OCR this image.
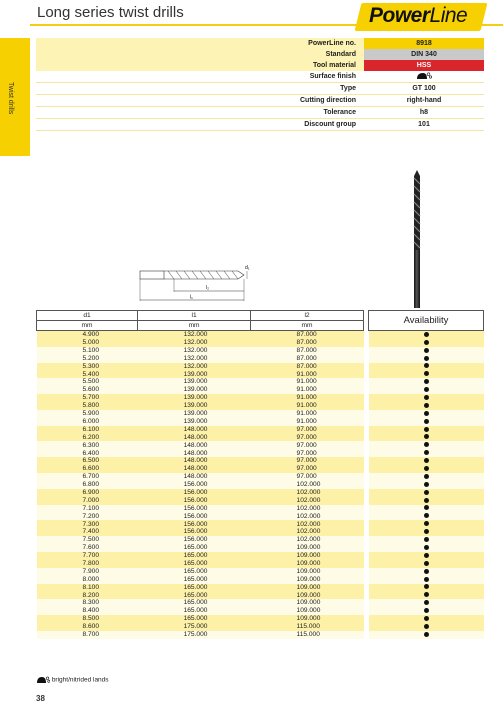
Long series twist drills	PowerLine
Twist drills
PowerLine no.	8918
Standard	DIN 340
Tool material	HSS
Surface finish	
Type	GT 100
Cutting direction	right-hand
Tolerance	h8
Discount group	101
l₂
l₁
d₁
d1	l1	l2		Availability
mm	mm	mm		
4.900	132.000	87.000		
5.000	132.000	87.000		
5.100	132.000	87.000		
5.200	132.000	87.000		
5.300	132.000	87.000		
5.400	139.000	91.000		
5.500	139.000	91.000		
5.600	139.000	91.000		
5.700	139.000	91.000		
5.800	139.000	91.000		
5.900	139.000	91.000		
6.000	139.000	91.000		
6.100	148.000	97.000		
6.200	148.000	97.000		
6.300	148.000	97.000		
6.400	148.000	97.000		
6.500	148.000	97.000		
6.600	148.000	97.000		
6.700	148.000	97.000		
6.800	156.000	102.000		
6.900	156.000	102.000		
7.000	156.000	102.000		
7.100	156.000	102.000		
7.200	156.000	102.000		
7.300	156.000	102.000		
7.400	156.000	102.000		
7.500	156.000	102.000		
7.600	165.000	109.000		
7.700	165.000	109.000		
7.800	165.000	109.000		
7.900	165.000	109.000		
8.000	165.000	109.000		
8.100	165.000	109.000		
8.200	165.000	109.000		
8.300	165.000	109.000		
8.400	165.000	109.000		
8.500	165.000	109.000		
8.600	175.000	115.000		
8.700	175.000	115.000		
bright/nitrided lands
38
